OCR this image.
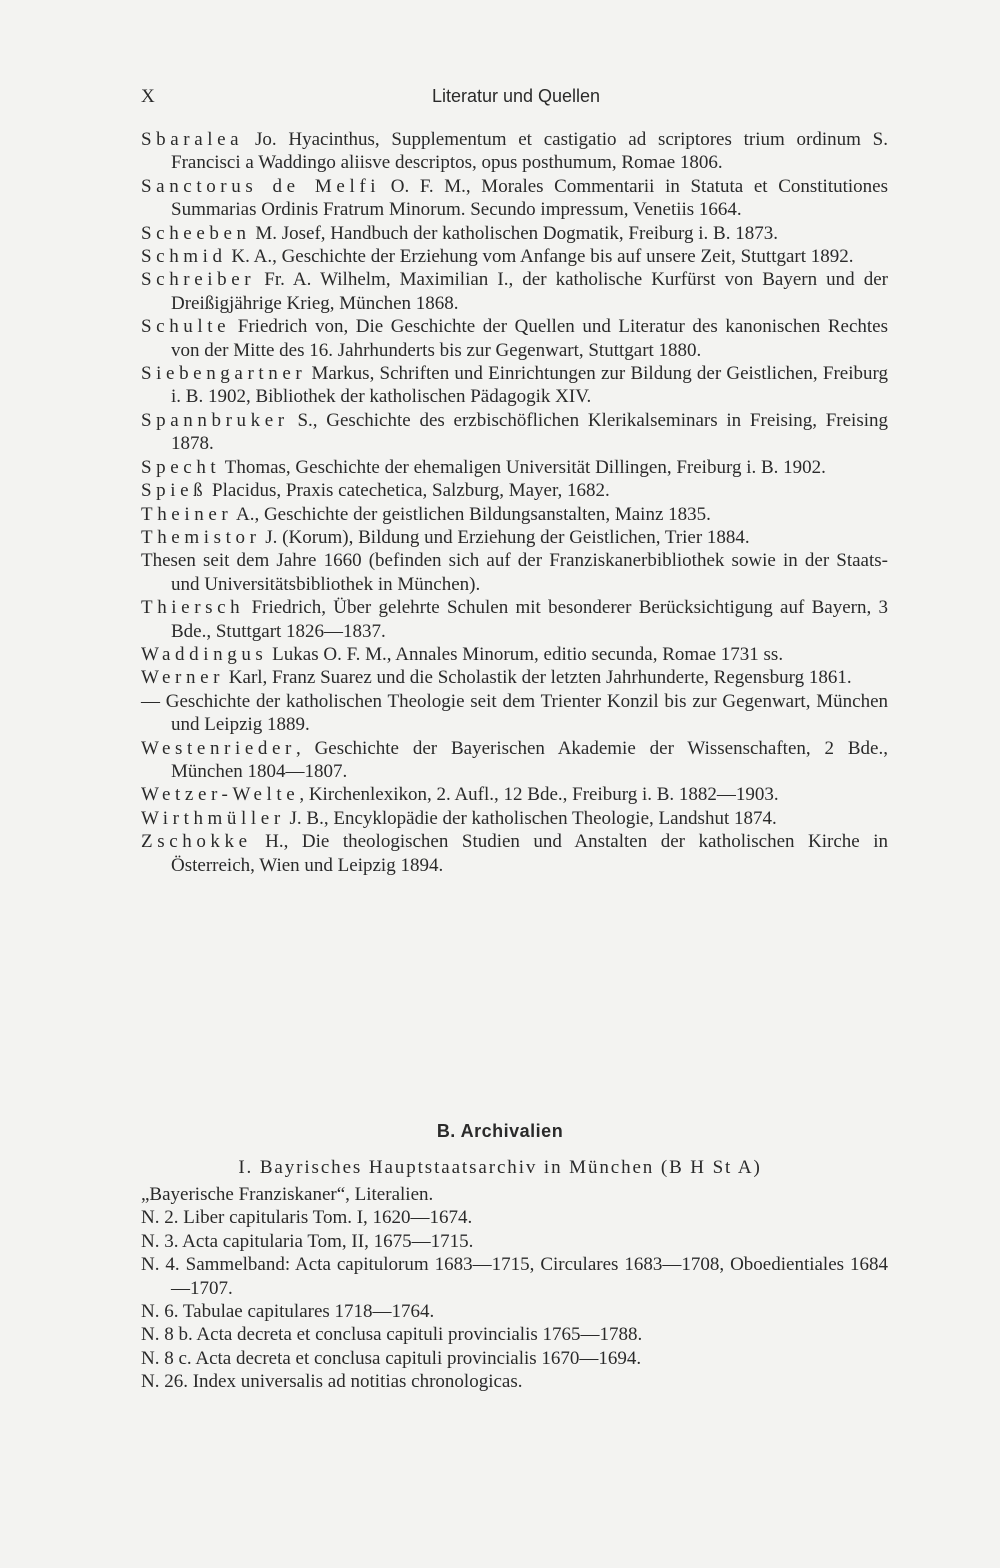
X	Literatur und Quellen
Sbaralea Jo. Hyacinthus, Supplementum et castigatio ad scriptores trium ordinum S. Francisci a Waddingo aliisve descriptos, opus posthumum, Romae 1806.
Sanctorus de Melfi O. F. M., Morales Commentarii in Statuta et Constitutiones Summarias Ordinis Fratrum Minorum. Secundo impressum, Venetiis 1664.
Scheeben M. Josef, Handbuch der katholischen Dogmatik, Freiburg i. B. 1873.
Schmid K. A., Geschichte der Erziehung vom Anfange bis auf unsere Zeit, Stuttgart 1892.
Schreiber Fr. A. Wilhelm, Maximilian I., der katholische Kurfürst von Bayern und der Dreißigjährige Krieg, München 1868.
Schulte Friedrich von, Die Geschichte der Quellen und Literatur des kanonischen Rechtes von der Mitte des 16. Jahrhunderts bis zur Gegenwart, Stuttgart 1880.
Siebengartner Markus, Schriften und Einrichtungen zur Bildung der Geistlichen, Freiburg i. B. 1902, Bibliothek der katholischen Pädagogik XIV.
Spannbruker S., Geschichte des erzbischöflichen Klerikalseminars in Freising, Freising 1878.
Specht Thomas, Geschichte der ehemaligen Universität Dillingen, Freiburg i. B. 1902.
Spieß Placidus, Praxis catechetica, Salzburg, Mayer, 1682.
Theiner A., Geschichte der geistlichen Bildungsanstalten, Mainz 1835.
Themistor J. (Korum), Bildung und Erziehung der Geistlichen, Trier 1884.
Thesen seit dem Jahre 1660 (befinden sich auf der Franziskanerbibliothek sowie in der Staats- und Universitätsbibliothek in München).
Thiersch Friedrich, Über gelehrte Schulen mit besonderer Berücksichtigung auf Bayern, 3 Bde., Stuttgart 1826—1837.
Waddingus Lukas O. F. M., Annales Minorum, editio secunda, Romae 1731 ss.
Werner Karl, Franz Suarez und die Scholastik der letzten Jahrhunderte, Regensburg 1861.
— Geschichte der katholischen Theologie seit dem Trienter Konzil bis zur Gegenwart, München und Leipzig 1889.
Westenrieder, Geschichte der Bayerischen Akademie der Wissenschaften, 2 Bde., München 1804—1807.
Wetzer-Welte, Kirchenlexikon, 2. Aufl., 12 Bde., Freiburg i. B. 1882—1903.
Wirthmüller J. B., Encyklopädie der katholischen Theologie, Landshut 1874.
Zschokke H., Die theologischen Studien und Anstalten der katholischen Kirche in Österreich, Wien und Leipzig 1894.
B. Archivalien
I. Bayrisches Hauptstaatsarchiv in München (B H St A)
„Bayerische Franziskaner“, Literalien.
N. 2. Liber capitularis Tom. I, 1620—1674.
N. 3. Acta capitularia Tom, II, 1675—1715.
N. 4. Sammelband: Acta capitulorum 1683—1715, Circulares 1683—1708, Oboedientiales 1684—1707.
N. 6. Tabulae capitulares 1718—1764.
N. 8 b. Acta decreta et conclusa capituli provincialis 1765—1788.
N. 8 c. Acta decreta et conclusa capituli provincialis 1670—1694.
N. 26. Index universalis ad notitias chronologicas.
